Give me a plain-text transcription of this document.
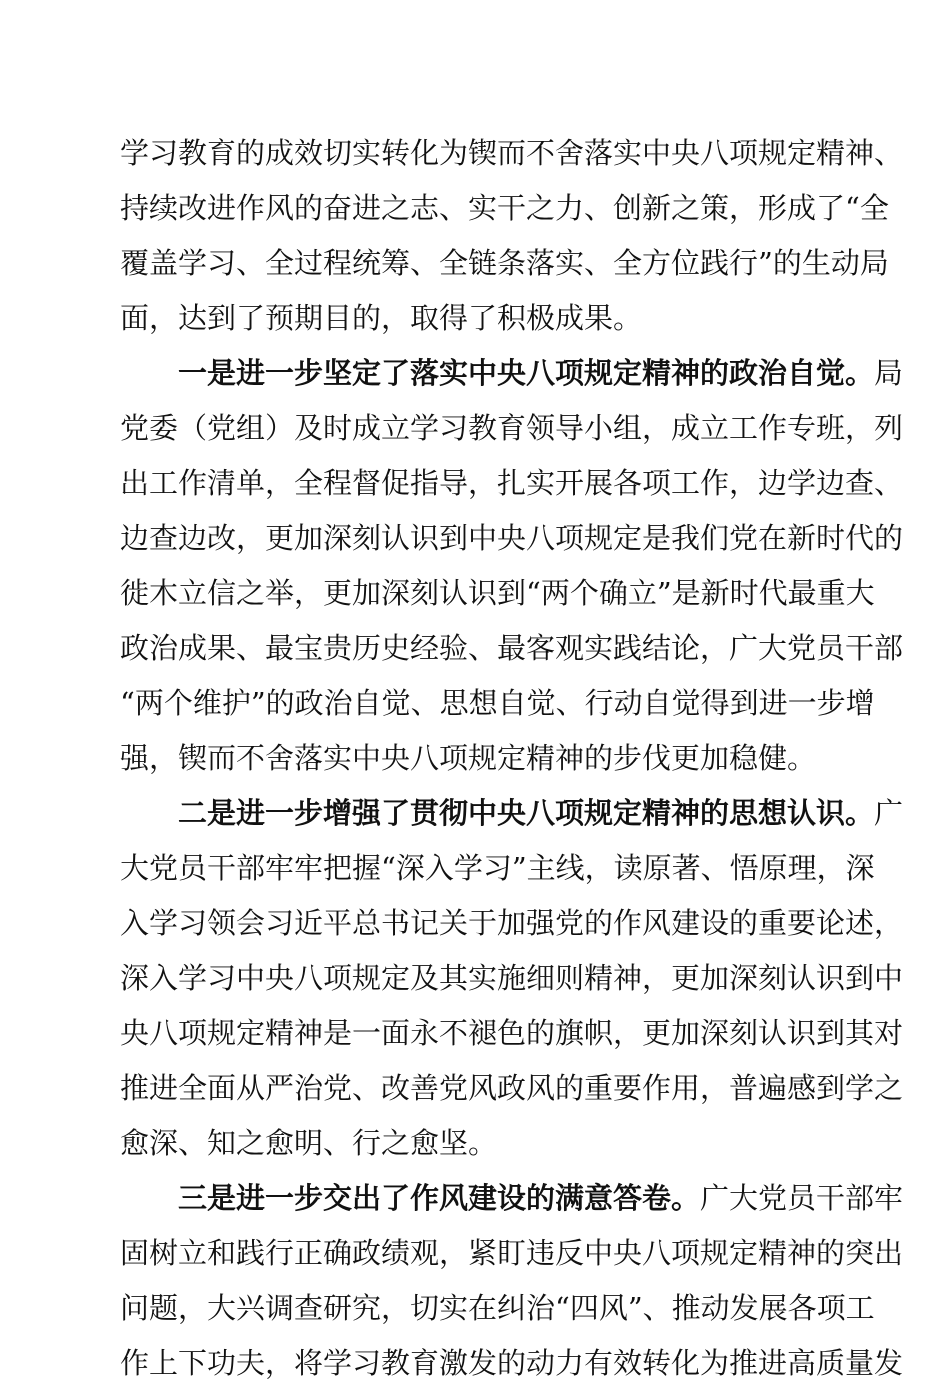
学习教育的成效切实转化为锲而不舍落实中央八项规定精神、
持续改进作风的奋进之志、实干之力、创新之策，形成了“全
覆盖学习、全过程统筹、全链条落实、全方位践行”的生动局
面，达到了预期目的，取得了积极成果。
一是进一步坚定了落实中央八项规定精神的政治自觉。局
党委（党组）及时成立学习教育领导小组，成立工作专班，列
出工作清单，全程督促指导，扎实开展各项工作，边学边查、
边查边改，更加深刻认识到中央八项规定是我们党在新时代的
徙木立信之举，更加深刻认识到“两个确立”是新时代最重大
政治成果、最宝贵历史经验、最客观实践结论，广大党员干部
“两个维护”的政治自觉、思想自觉、行动自觉得到进一步增
强，锲而不舍落实中央八项规定精神的步伐更加稳健。
二是进一步增强了贯彻中央八项规定精神的思想认识。广
大党员干部牢牢把握“深入学习”主线，读原著、悟原理，深
入学习领会习近平总书记关于加强党的作风建设的重要论述，
深入学习中央八项规定及其实施细则精神，更加深刻认识到中
央八项规定精神是一面永不褪色的旗帜，更加深刻认识到其对
推进全面从严治党、改善党风政风的重要作用，普遍感到学之
愈深、知之愈明、行之愈坚。
三是进一步交出了作风建设的满意答卷。广大党员干部牢
固树立和践行正确政绩观，紧盯违反中央八项规定精神的突出
问题，大兴调查研究，切实在纠治“四风”、推动发展各项工
作上下功夫，将学习教育激发的动力有效转化为推进高质量发
